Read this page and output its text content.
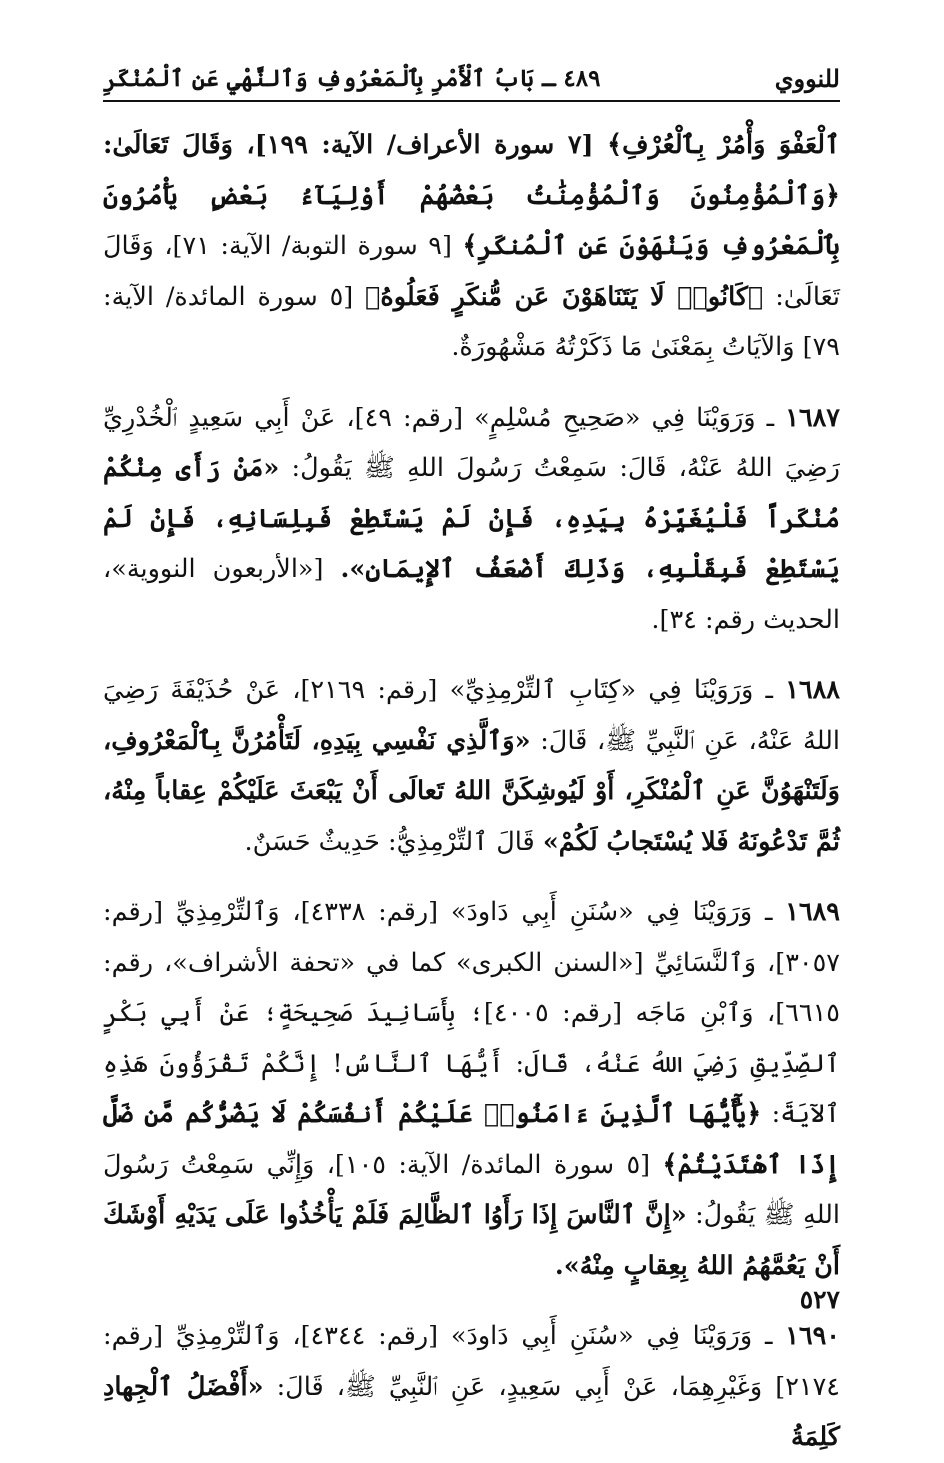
للنووي
٤٨٩ ـ بَابُ ٱلْأَمْرِ بِٱلْمَعْرُوفِ وَٱلنَّهْيِ عَنِ ٱلْمُنْكَرِ

ٱلْعَفْوَ وَأْمُرْ بِٱلْعُرْفِ﴾ [٧ سورة الأعراف/ الآية: ١٩٩]، وَقَالَ تَعَالَىٰ: ﴿وَٱلْمُؤْمِنُونَ وَٱلْمُؤْمِنَٰتُ بَعْضُهُمْ أَوْلِيَآءُ بَعْضٍ يَأْمُرُونَ بِٱلْمَعْرُوفِ وَيَنْهَوْنَ عَنِ ٱلْمُنكَرِ﴾ [٩ سورة التوبة/ الآية: ٧١]، وَقَالَ تَعَالَىٰ: ﴿كَانُوا۟ لَا يَتَنَاهَوْنَ عَن مُّنكَرٍ فَعَلُوهُ﴾ [٥ سورة المائدة/ الآية: ٧٩] وَالآيَاتُ بِمَعْنَىٰ مَا ذَكَرْتُهُ مَشْهُورَةٌ.

١٦٨٧ ـ وَرَوَيْنَا فِي «صَحِيحِ مُسْلِمٍ» [رقم: ٤٩]، عَنْ أَبِي سَعِيدٍ ٱلْخُدْرِيِّ رَضِيَ اللهُ عَنْهُ، قَالَ: سَمِعْتُ رَسُولَ اللهِ ﷺ يَقُولُ: «مَنْ رَأَى مِنْكُمْ مُنْكَراً فَلْيُغَيِّرْهُ بِيَدِهِ، فَإِنْ لَمْ يَسْتَطِعْ فَبِلِسَانِهِ، فَإِنْ لَمْ يَسْتَطِعْ فَبِقَلْبِهِ، وَذَلِكَ أَضْعَفُ ٱلإِيمَانِ». [«الأربعون النووية»، الحديث رقم: ٣٤].

١٦٨٨ ـ وَرَوَيْنَا فِي «كِتَابِ ٱلتِّرْمِذِيِّ» [رقم: ٢١٦٩]، عَنْ حُذَيْفَةَ رَضِيَ اللهُ عَنْهُ، عَنِ ٱلنَّبِيِّ ﷺ، قَالَ: «وَٱلَّذِي نَفْسِي بِيَدِهِ، لَتَأْمُرُنَّ بِٱلْمَعْرُوفِ، وَلَتَنْهَوُنَّ عَنِ ٱلْمُنْكَرِ، أَوْ لَيُوشِكَنَّ اللهُ تَعالَى أَنْ يَبْعَثَ عَلَيْكُمْ عِقاباً مِنْهُ، ثُمَّ تَدْعُونَهُ فَلا يُسْتَجابُ لَكُمْ» قَالَ ٱلتِّرْمِذِيُّ: حَدِيثٌ حَسَنٌ.

١٦٨٩ ـ وَرَوَيْنَا فِي «سُنَنِ أَبِي دَاودَ» [رقم: ٤٣٣٨]، وَٱلتِّرْمِذِيِّ [رقم: ٣٠٥٧]، وَٱلنَّسَائِيِّ [«السنن الكبرى» كما في «تحفة الأشراف»، رقم: ٦٦١٥]، وَٱبْنِ مَاجَه [رقم: ٤٠٠٥]؛ بِأَسَانِيدَ صَحِيحَةٍ؛ عَنْ أَبِي بَكْرٍ ٱلصِّدِّيقِ رَضِيَ اللهُ عَنْهُ، قَالَ: أَيُّهَا ٱلنَّاسُ! إِنَّكُمْ تَقْرَؤُونَ هَذِهِ ٱلآيَةَ: ﴿يَٰٓأَيُّهَا ٱلَّذِينَ ءَامَنُوا۟ عَلَيْكُمْ أَنفُسَكُمْ لَا يَضُرُّكُم مَّن ضَلَّ إِذَا ٱهْتَدَيْتُمْ﴾ [٥ سورة المائدة/ الآية: ١٠٥]، وَإِنِّي سَمِعْتُ رَسُولَ اللهِ ﷺ يَقُولُ: «إِنَّ ٱلنَّاسَ إِذَا رَأَوُا ٱلظَّالِمَ فَلَمْ يَأْخُذُوا عَلَى يَدَيْهِ أَوْشَكَ أَنْ يَعُمَّهُمُ اللهُ بِعِقابٍ مِنْهُ».

١٦٩٠ ـ وَرَوَيْنَا فِي «سُنَنِ أَبِي دَاودَ» [رقم: ٤٣٤٤]، وَٱلتِّرْمِذِيِّ [رقم: ٢١٧٤] وَغَيْرِهِمَا، عَنْ أَبِي سَعِيدٍ، عَنِ ٱلنَّبِيِّ ﷺ، قَالَ: «أَفْضَلُ ٱلْجِهادِ كَلِمَةُ

٥٢٧
